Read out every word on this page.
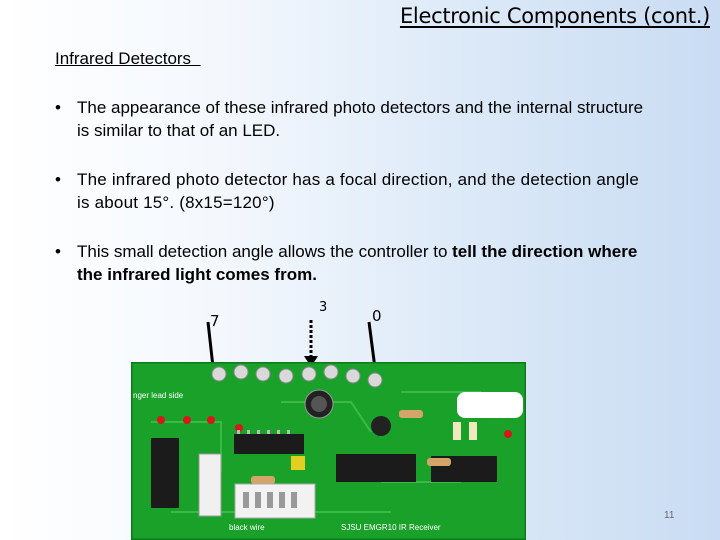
Electronic Components (cont.)
Infrared Detectors
• The appearance of these infrared photo detectors and the internal structure is similar to that of an LED.
• The infrared photo detector has a focal direction, and the detection angle is about 15°. (8x15=120°)
• This small detection angle allows the controller to tell the direction where the infrared light comes from.
7
3	0
nger lead side
black wire	SJSU EMGR10 IR Receiver
11
